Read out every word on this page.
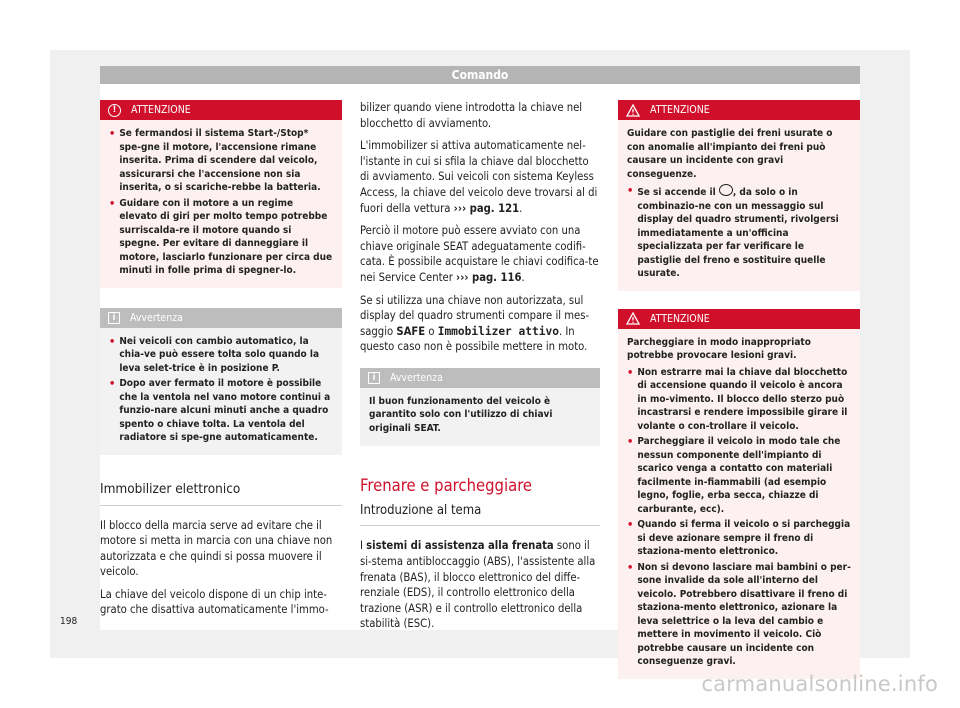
Comando
!	ATTENZIONE
• Se fermandosi il sistema Start-/Stop* spe-gne il motore, l'accensione rimane inserita. Prima di scendere dal veicolo, assicurarsi che l'accensione non sia inserita, o si scariche-rebbe la batteria.
• Guidare con il motore a un regime elevato di giri per molto tempo potrebbe surriscalda-re il motore quando si spegne. Per evitare di danneggiare il motore, lasciarlo funzionare per circa due minuti in folle prima di spegner-lo.
i	Avvertenza
• Nei veicoli con cambio automatico, la chia-ve può essere tolta solo quando la leva selet-trice è in posizione P.
• Dopo aver fermato il motore è possibile che la ventola nel vano motore continui a funzio-nare alcuni minuti anche a quadro spento o chiave tolta. La ventola del radiatore si spe-gne automaticamente.
Immobilizer elettronico

Il blocco della marcia serve ad evitare che il motore si metta in marcia con una chiave non autorizzata e che quindi si possa muovere il veicolo.

La chiave del veicolo dispone di un chip inte-grato che disattiva automaticamente l'immo-

bilizer quando viene introdotta la chiave nel blocchetto di avviamento.

L'immobilizer si attiva automaticamente nel-l'istante in cui si sfila la chiave dal blocchetto di avviamento. Sui veicoli con sistema Keyless Access, la chiave del veicolo deve trovarsi al di fuori della vettura ››› pag. 121.

Perciò il motore può essere avviato con una chiave originale SEAT adeguatamente codifi-cata. È possibile acquistare le chiavi codifica-te nei Service Center ››› pag. 116.

Se si utilizza una chiave non autorizzata, sul display del quadro strumenti compare il mes-saggio SAFE o Immobilizer attivo. In questo caso non è possibile mettere in moto.

i	Avvertenza

Il buon funzionamento del veicolo è garantito solo con l'utilizzo di chiavi originali SEAT.

Frenare e parcheggiare
Introduzione al tema

I sistemi di assistenza alla frenata sono il si-stema antibloccaggio (ABS), l'assistente alla frenata (BAS), il blocco elettronico del diffe-renziale (EDS), il controllo elettronico della trazione (ASR) e il controllo elettronico della stabilità (ESC).

ATTENZIONE

Guidare con pastiglie dei freni usurate o con anomalie all'impianto dei freni può causare un incidente con gravi conseguenze.

• Se si accende il , da solo o in combinazio-ne con un messaggio sul display del quadro strumenti, rivolgersi immediatamente a un'officina specializzata per far verificare le pastiglie del freno e sostituire quelle usurate.
ATTENZIONE

Parcheggiare in modo inappropriato potrebbe provocare lesioni gravi.

• Non estrarre mai la chiave dal blocchetto di accensione quando il veicolo è ancora in mo-vimento. Il blocco dello sterzo può incastrarsi e rendere impossibile girare il volante o con-trollare il veicolo.
• Parcheggiare il veicolo in modo tale che nessun componente dell'impianto di scarico venga a contatto con materiali facilmente in-fiammabili (ad esempio legno, foglie, erba secca, chiazze di carburante, ecc).
• Quando si ferma il veicolo o si parcheggia si deve azionare sempre il freno di staziona-mento elettronico.
• Non si devono lasciare mai bambini o per-sone invalide da sole all'interno del veicolo. Potrebbero disattivare il freno di staziona-mento elettronico, azionare la leva selettrice o la leva del cambio e mettere in movimento il veicolo. Ciò potrebbe causare un incidente con conseguenze gravi.
198
carmanualsonline.info
